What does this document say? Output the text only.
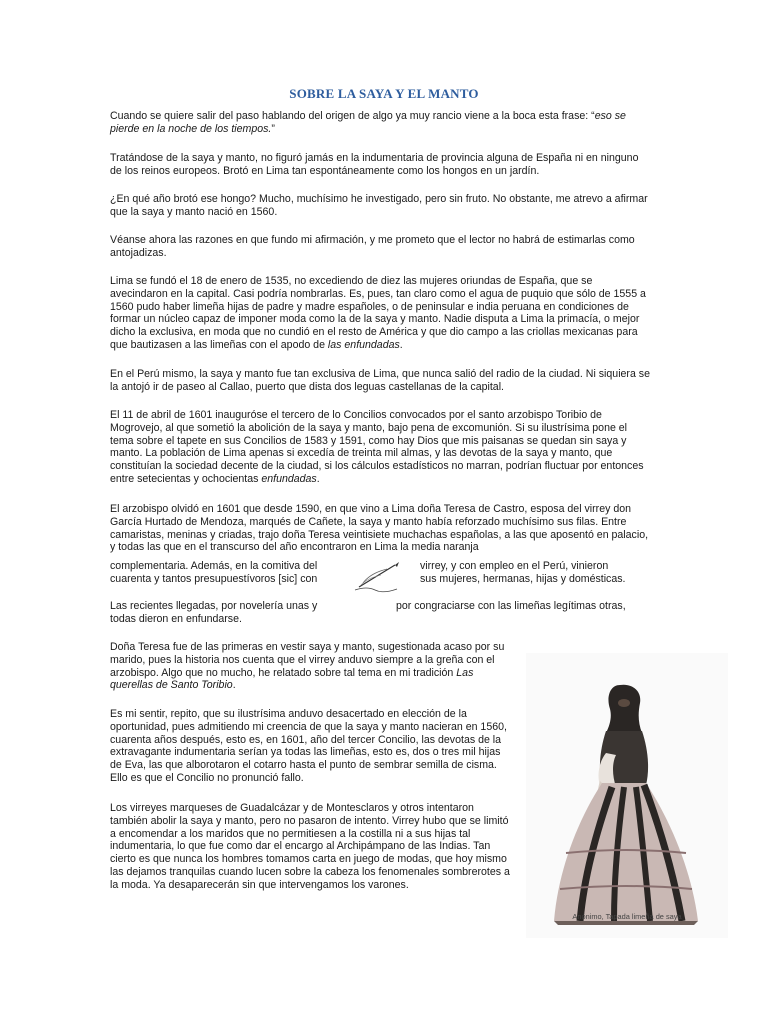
SOBRE LA SAYA Y EL MANTO

Cuando se quiere salir del paso hablando del origen de algo ya muy rancio viene a la boca esta frase: “eso se pierde en la noche de los tiempos.”

Tratándose de la saya y manto, no figuró jamás en la indumentaria de provincia alguna de España ni en ninguno de los reinos europeos. Brotó en Lima tan espontáneamente como los hongos en un jardín.

¿En qué año brotó ese hongo? Mucho, muchísimo he investigado, pero sin fruto. No obstante, me atrevo a afirmar que la saya y manto nació en 1560.

Véanse ahora las razones en que fundo mi afirmación, y me prometo que el lector no habrá de estimarlas como antojadizas.

Lima se fundó el 18 de enero de 1535, no excediendo de diez las mujeres oriundas de España, que se avecindaron en la capital. Casi podría nombrarlas. Es, pues, tan claro como el agua de puquio que sólo de 1555 a 1560 pudo haber limeña hijas de padre y madre españoles, o de peninsular e india peruana en condiciones de formar un núcleo capaz de imponer moda como la de la saya y manto. Nadie disputa a Lima la primacía, o mejor dicho la exclusiva, en moda que no cundió en el resto de América y que dio campo a las criollas mexicanas para que bautizasen a las limeñas con el apodo de las enfundadas.

En el Perú mismo, la saya y manto fue tan exclusiva de Lima, que nunca salió del radio de la ciudad. Ni siquiera se la antojó ir de paseo al Callao, puerto que dista dos leguas castellanas de la capital.

El 11 de abril de 1601 inauguróse el tercero de lo Concilios convocados por el santo arzobispo Toribio de Mogrovejo, al que sometió la abolición de la saya y manto, bajo pena de excomunión. Si su ilustrísima pone el tema sobre el tapete en sus Concilios de 1583 y 1591, como hay Dios que mis paisanas se quedan sin saya y manto. La población de Lima apenas si excedía de treinta mil almas, y las devotas de la saya y manto, que constituían la sociedad decente de la ciudad, si los cálculos estadísticos no marran, podrían fluctuar por entonces entre setecientas y ochocientas enfundadas.

El arzobispo olvidó en 1601 que desde 1590, en que vino a Lima doña Teresa de Castro, esposa del virrey don García Hurtado de Mendoza, marqués de Cañete, la saya y manto había reforzado muchísimo sus filas. Entre camaristas, meninas y criadas, trajo doña Teresa veintisiete muchachas españolas, a las que aposentó en palacio, y todas las que en el transcurso del año encontraron en Lima la media naranja

complementaria. Además, en la comitiva del	virrey, y con empleo en el Perú, vinieron
cuarenta y tantos presupuestívoros [sic] con	sus mujeres, hermanas, hijas y domésticas.
Las recientes llegadas, por novelería unas y	por congraciarse con las limeñas legítimas otras,
todas dieron en enfundarse.

Doña Teresa fue de las primeras en vestir saya y manto, sugestionada acaso por su marido, pues la historia nos cuenta que el virrey anduvo siempre a la greña con el arzobispo. Algo que no mucho, he relatado sobre tal tema en mi tradición Las querellas de Santo Toribio.

Es mi sentir, repito, que su ilustrísima anduvo desacertado en elección de la oportunidad, pues admitiendo mi creencia de que la saya y manto nacieran en 1560, cuarenta años después, esto es, en 1601, año del tercer Concilio, las devotas de la extravagante indumentaria serían ya todas las limeñas, esto es, dos o tres mil hijas de Eva, las que alborotaron el cotarro hasta el punto de sembrar semilla de cisma. Ello es que el Concilio no pronunció fallo.

Los virreyes marqueses de Guadalcázar y de Montesclaros y otros intentaron también abolir la saya y manto, pero no pasaron de intento. Virrey hubo que se limitó a encomendar a los maridos que no permitiesen a la costilla ni a sus hijas tal indumentaria, lo que fue como dar el encargo al Archipámpano de las Indias. Tan cierto es que nunca los hombres tomamos carta en juego de modas, que hoy mismo las dejamos tranquilas cuando lucen sobre la cabeza los fenomenales sombrerotes a la moda. Ya desaparecerán sin que intervengamos los varones.

Anónimo, Tapada limeña de saya
